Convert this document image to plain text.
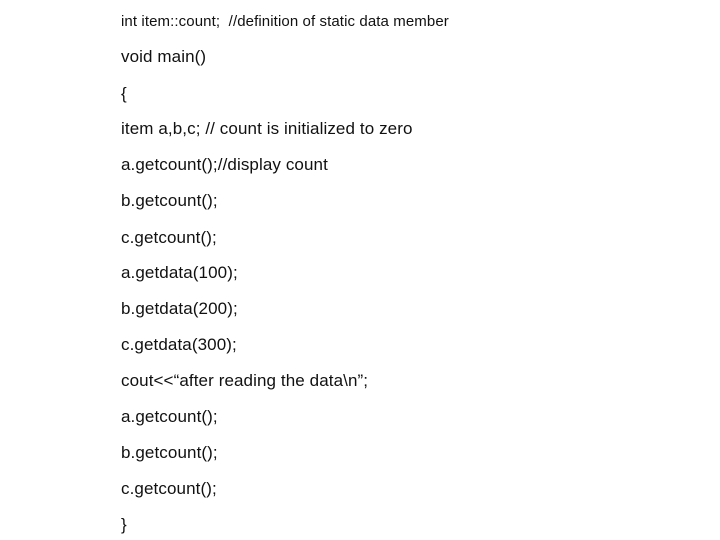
int item::count;  //definition of static data member
void main()
{
item a,b,c; // count is initialized to zero
a.getcount();//display count
b.getcount();
c.getcount();
a.getdata(100);
b.getdata(200);
c.getdata(300);
cout<<“after reading the data\n”;
a.getcount();
b.getcount();
c.getcount();
}
